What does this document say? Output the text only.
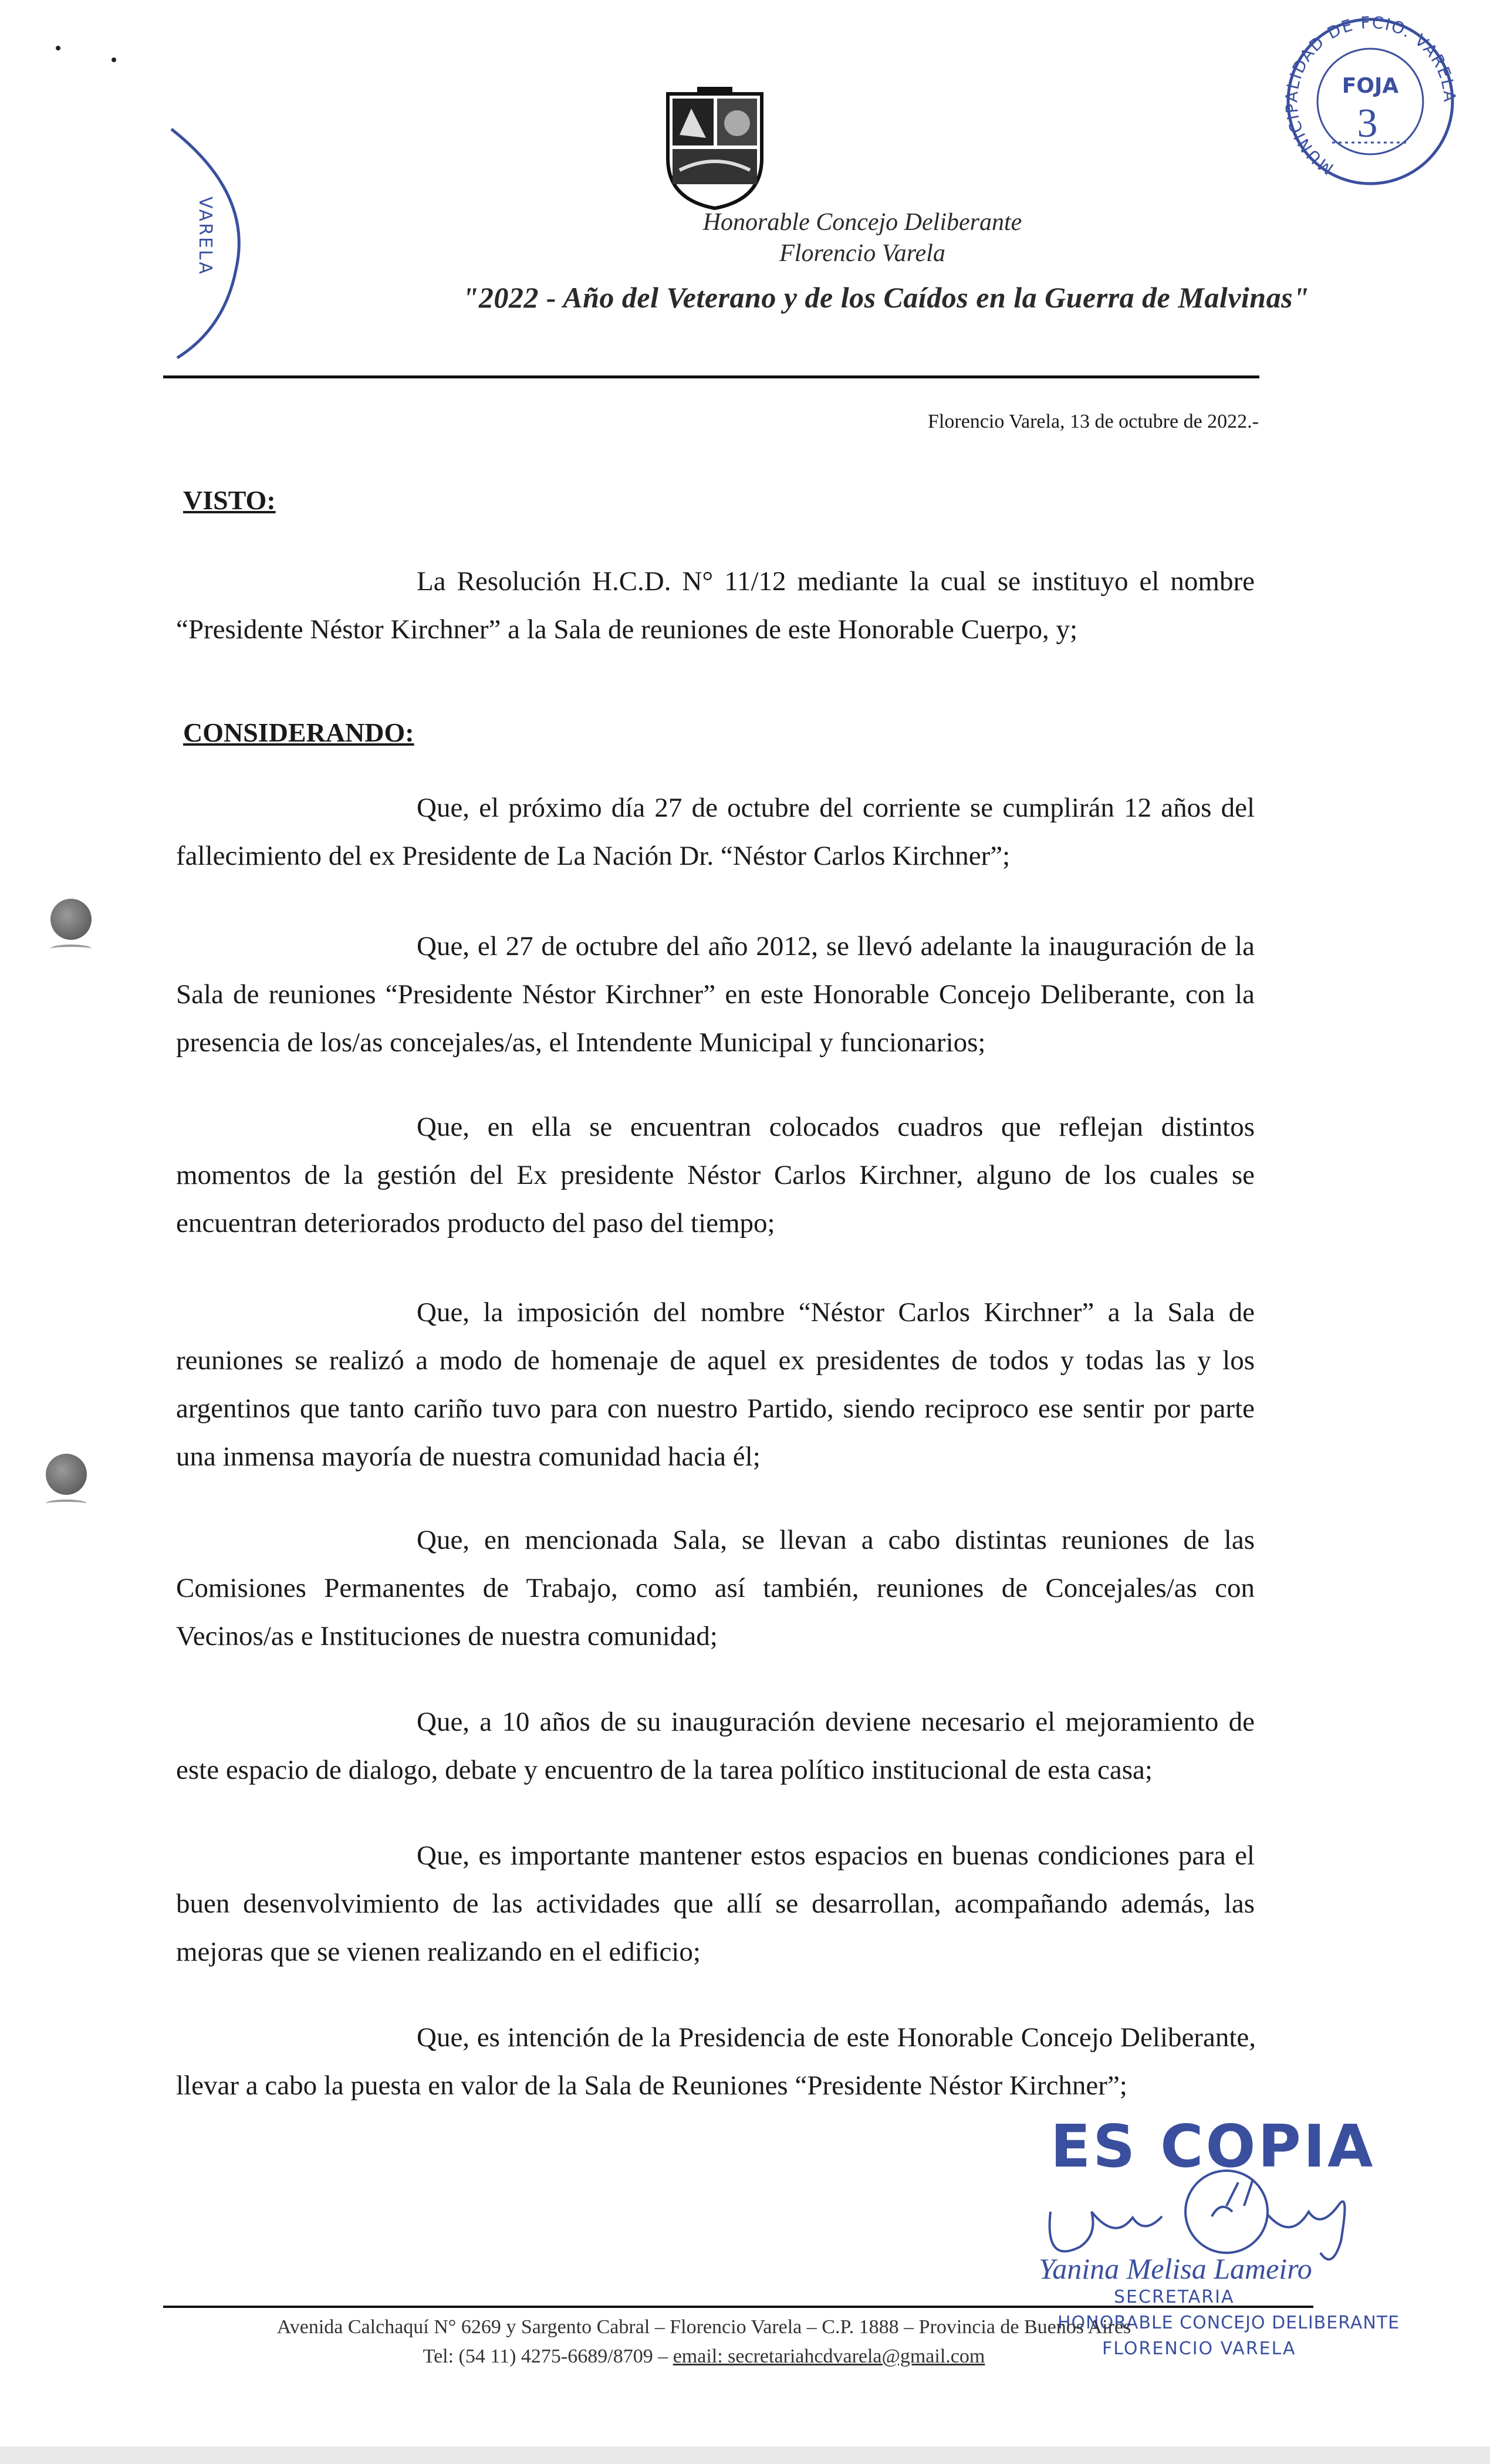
Honorable Concejo Deliberante
Florencio Varela
"2022 - Año del Veterano y de los Caídos en la Guerra de Malvinas"
Florencio Varela, 13 de octubre de 2022.-
VISTO:
La Resolución H.C.D. N° 11/12 mediante la cual se instituyo el nombre “Presidente Néstor Kirchner” a la Sala de reuniones de este Honorable Cuerpo, y;
CONSIDERANDO:
Que, el próximo día 27 de octubre del corriente se cumplirán 12 años del fallecimiento del ex Presidente de La Nación Dr. “Néstor Carlos Kirchner”;
Que, el 27 de octubre del año 2012, se llevó adelante la inauguración de la Sala de reuniones “Presidente Néstor Kirchner” en este Honorable Concejo Deliberante, con la presencia de los/as concejales/as, el Intendente Municipal y funcionarios;
Que, en ella se encuentran colocados cuadros que reflejan distintos momentos de la gestión del Ex presidente Néstor Carlos Kirchner, alguno de los cuales se encuentran deteriorados producto del paso del tiempo;
Que, la imposición del nombre “Néstor Carlos Kirchner” a la Sala de reuniones se realizó a modo de homenaje de aquel ex presidentes de todos y todas las y los argentinos que tanto cariño tuvo para con nuestro Partido, siendo reciproco ese sentir por parte una inmensa mayoría de nuestra comunidad hacia él;
Que, en mencionada Sala, se llevan a cabo distintas reuniones de las Comisiones Permanentes de Trabajo, como así también, reuniones de Concejales/as con Vecinos/as e Instituciones de nuestra comunidad;
Que, a 10 años de su inauguración deviene necesario el mejoramiento de este espacio de dialogo, debate y encuentro de la tarea político institucional de esta casa;
Que, es importante mantener estos espacios en buenas condiciones para el buen desenvolvimiento de las actividades que allí se desarrollan, acompañando además, las mejoras que se vienen realizando en el edificio;
Que, es intención de la Presidencia de este Honorable Concejo Deliberante, llevar a cabo la puesta en valor de la Sala de Reuniones “Presidente Néstor Kirchner”;
MUNICIPALIDAD DE FCIO. VARELA
FOJA
3
VARELA
ES COPIA
Yanina Melisa Lameiro
SECRETARIA
HONORABLE CONCEJO DELIBERANTE
FLORENCIO VARELA
Avenida Calchaquí N° 6269 y Sargento Cabral – Florencio Varela – C.P. 1888 – Provincia de Buenos Aires
Tel: (54 11) 4275-6689/8709 – email: secretariahcdvarela@gmail.com
